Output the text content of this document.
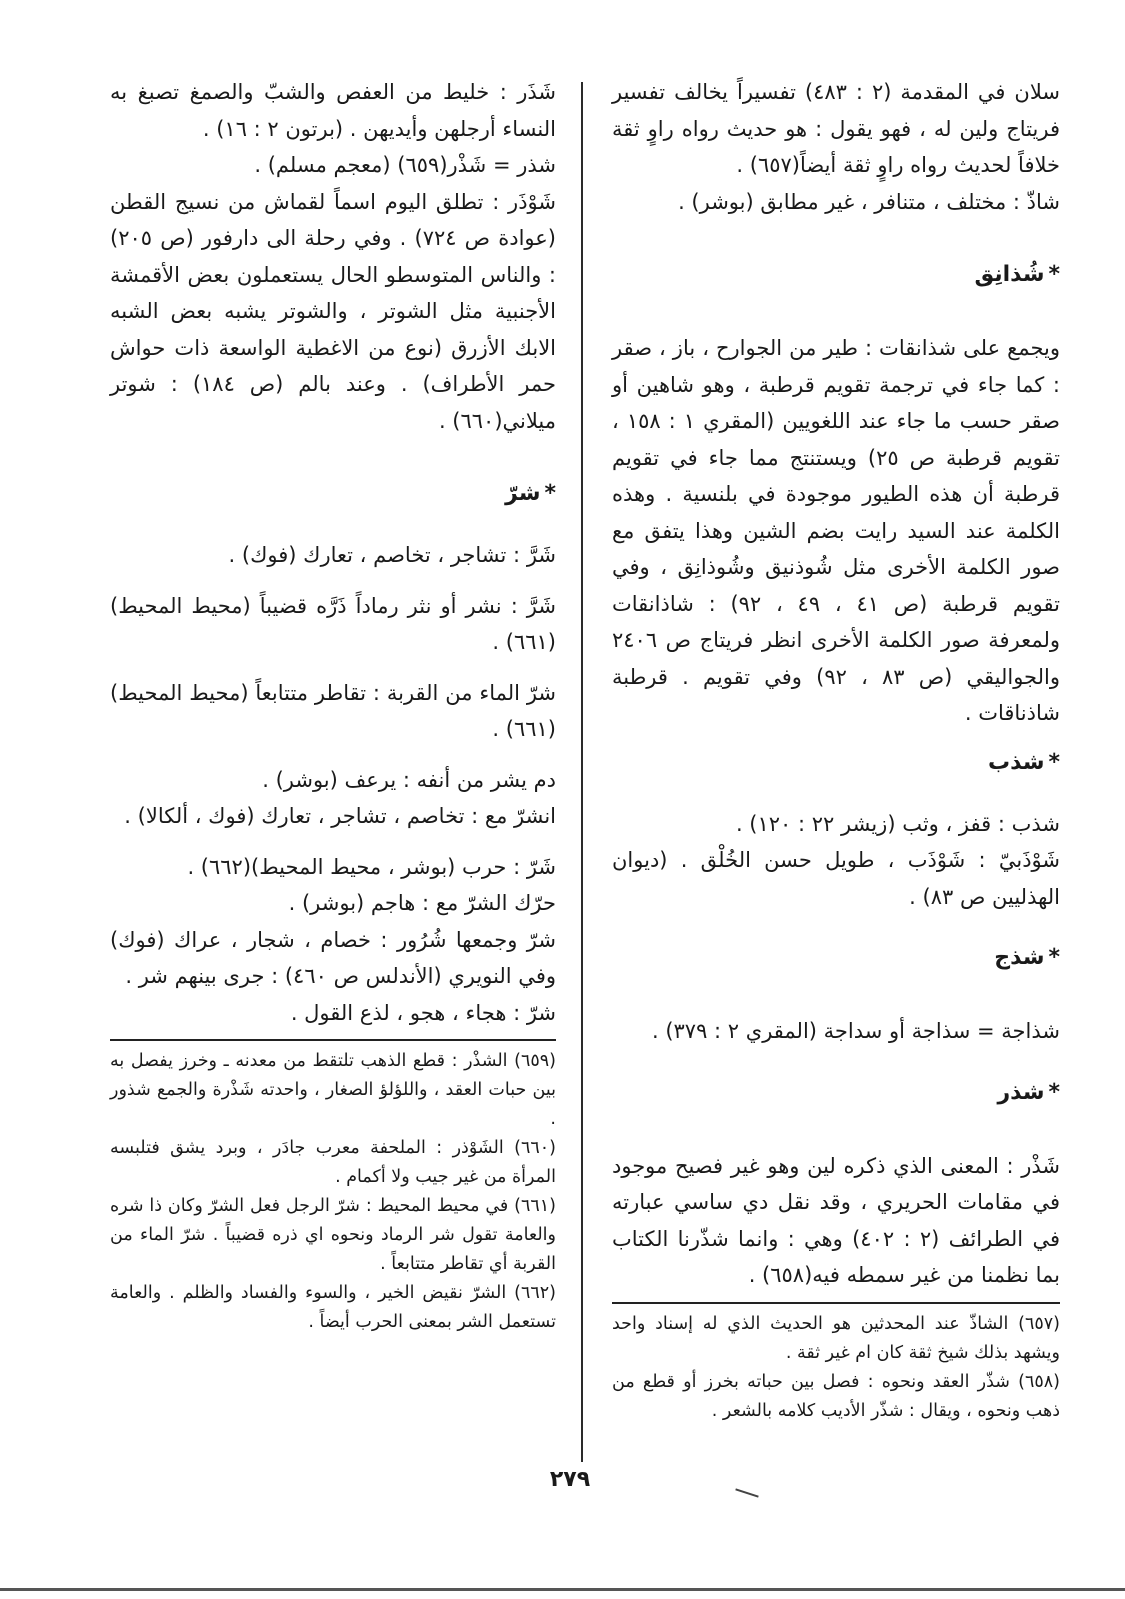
سلان في المقدمة (٢ : ٤٨٣) تفسيراً يخالف تفسير فريتاج ولين له ، فهو يقول : هو حديث رواه راوٍ ثقة خلافاً لحديث رواه راوٍ ثقة أيضاً(٦٥٧) .

شاذّ : مختلف ، متنافر ، غير مطابق (بوشر) .

*شُذانِق

ويجمع على شذانقات : طير من الجوارح ، باز ، صقر : كما جاء في ترجمة تقويم قرطبة ، وهو شاهين أو صقر حسب ما جاء عند اللغويين (المقري ١ : ١٥٨ ، تقويم قرطبة ص ٢٥) ويستنتج مما جاء في تقويم قرطبة أن هذه الطيور موجودة في بلنسية . وهذه الكلمة عند السيد رايت بضم الشين وهذا يتفق مع صور الكلمة الأخرى مثل شُوذنيق وشُوذانِق ، وفي تقويم قرطبة (ص ٤١ ، ٤٩ ، ٩٢) : شاذانقات ولمعرفة صور الكلمة الأخرى انظر فريتاج ص ٢٤٠٦ والجواليقي (ص ٨٣ ، ٩٢) وفي تقويم . قرطبة شاذناقات .

*شذب

شذب : قفز ، وثب (زيشر ٢٢ : ١٢٠) .

شَوْذَبيّ : شَوْذَب ، طويل حسن الخُلْق . (ديوان الهذليين ص ٨٣) .

*شذج

شذاجة = سذاجة أو سداجة (المقري ٢ : ٣٧٩) .

*شذر

شَذْر : المعنى الذي ذكره لين وهو غير فصيح موجود في مقامات الحريري ، وقد نقل دي ساسي عبارته في الطرائف (٢ : ٤٠٢) وهي : وانما شذّرنا الكتاب بما نظمنا من غير سمطه فيه(٦٥٨) .

(٦٥٧) الشاذّ عند المحدثين هو الحديث الذي له إسناد واحد ويشهد بذلك شيخ ثقة كان ام غير ثقة .

(٦٥٨) شذّر العقد ونحوه : فصل بين حباته بخرز أو قطع من ذهب ونحوه ، ويقال : شذّر الأديب كلامه بالشعر .

شَذَر : خليط من العفص والشبّ والصمغ تصبغ به النساء أرجلهن وأيديهن . (برتون ٢ : ١٦) .

شذر = شَذْر(٦٥٩) (معجم مسلم) .

شَوْذَر : تطلق اليوم اسماً لقماش من نسيج القطن (عوادة ص ٧٢٤) . وفي رحلة الى دارفور (ص ٢٠٥) : والناس المتوسطو الحال يستعملون بعض الأقمشة الأجنبية مثل الشوتر ، والشوتر يشبه بعض الشبه الابك الأزرق (نوع من الاغطية الواسعة ذات حواش حمر الأطراف) . وعند بالم (ص ١٨٤) : شوتر ميلاني(٦٦٠) .

*شرّ

شَرَّ : تشاجر ، تخاصم ، تعارك (فوك) .

شَرَّ : نشر أو نثر رماداً ذَرَّه قضيباً (محيط المحيط)(٦٦١) .

شرّ الماء من القربة : تقاطر متتابعاً (محيط المحيط)(٦٦١) .

دم يشر من أنفه : يرعف (بوشر) .

انشرّ مع : تخاصم ، تشاجر ، تعارك (فوك ، ألكالا) .

شَرّ : حرب (بوشر ، محيط المحيط)(٦٦٢) .

حرّك الشرّ مع : هاجم (بوشر) .

شرّ وجمعها شُرُور : خصام ، شجار ، عراك (فوك) وفي النويري (الأندلس ص ٤٦٠) : جرى بينهم شر .

شرّ : هجاء ، هجو ، لذع القول .

(٦٥٩) الشذْر : قطع الذهب تلتقط من معدنه ـ وخرز يفصل به بين حبات العقد ، واللؤلؤ الصغار ، واحدته شَذْرة والجمع شذور .

(٦٦٠) الشَوْذر : الملحفة معرب جادَر ، وبرد يشق فتلبسه المرأة من غير جيب ولا أكمام .

(٦٦١) في محيط المحيط : شرّ الرجل فعل الشرّ وكان ذا شره والعامة تقول شر الرماد ونحوه اي ذره قضيباً . شرّ الماء من القربة أي تقاطر متتابعاً .

(٦٦٢) الشرّ نقيض الخير ، والسوء والفساد والظلم . والعامة تستعمل الشر بمعنى الحرب أيضاً .

٢٧٩
